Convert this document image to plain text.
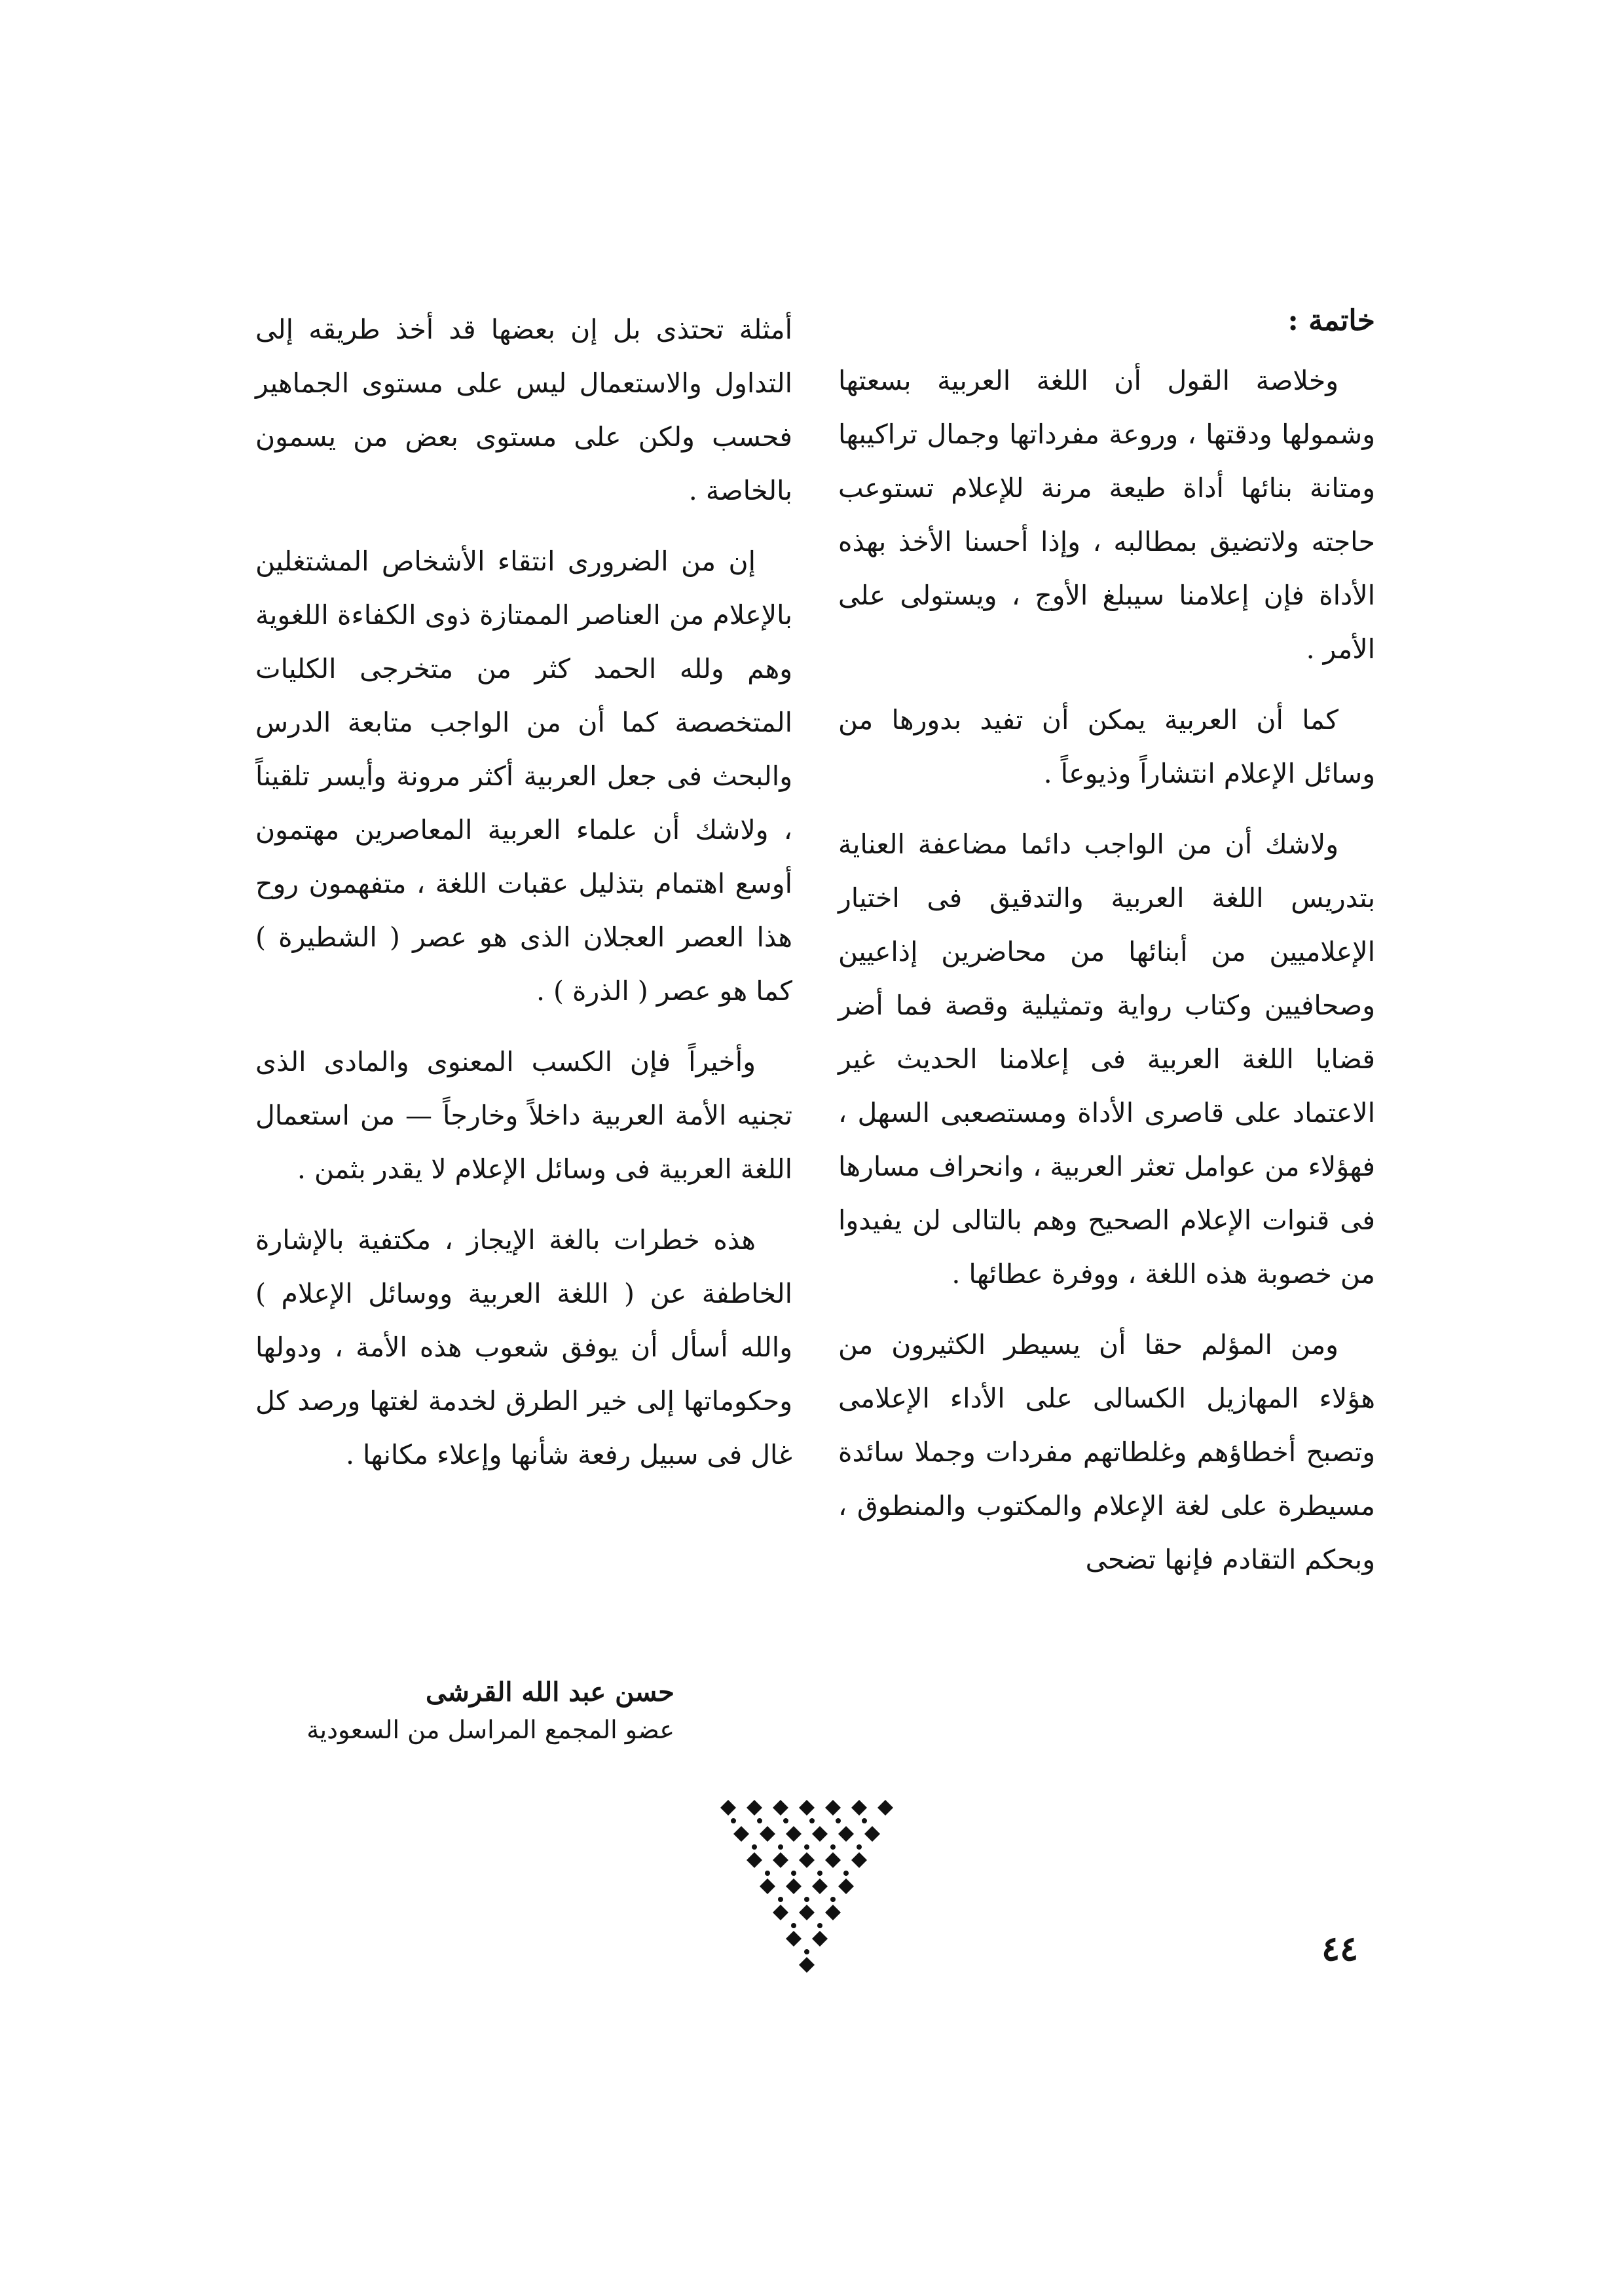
خاتمة :

وخلاصة القول أن اللغة العربية بسعتها وشمولها ودقتها ، وروعة مفرداتها وجمال تراكيبها ومتانة بنائها أداة طيعة مرنة للإعلام تستوعب حاجته ولاتضيق بمطالبه ، وإذا أحسنا الأخذ بهذه الأداة فإن إعلامنا سيبلغ الأوج ، ويستولى على الأمر .

كما أن العربية يمكن أن تفيد بدورها من وسائل الإعلام انتشاراً وذيوعاً .

ولاشك أن من الواجب دائما مضاعفة العناية بتدريس اللغة العربية والتدقيق فى اختيار الإعلاميين من أبنائها من محاضرين إذاعيين وصحافيين وكتاب رواية وتمثيلية وقصة فما أضر قضايا اللغة العربية فى إعلامنا الحديث غير الاعتماد على قاصرى الأداة ومستصعبى السهل ، فهؤلاء من عوامل تعثر العربية ، وانحراف مسارها فى قنوات الإعلام الصحيح وهم بالتالى لن يفيدوا من خصوبة هذه اللغة ، ووفرة عطائها .

ومن المؤلم حقا أن يسيطر الكثيرون من هؤلاء المهازيل الكسالى على الأداء الإعلامى وتصبح أخطاؤهم وغلطاتهم مفردات وجملا سائدة مسيطرة على لغة الإعلام والمكتوب والمنطوق ، وبحكم التقادم فإنها تضحى

أمثلة تحتذى بل إن بعضها قد أخذ طريقه إلى التداول والاستعمال ليس على مستوى الجماهير فحسب ولكن على مستوى بعض من يسمون بالخاصة .

إن من الضرورى انتقاء الأشخاص المشتغلين بالإعلام من العناصر الممتازة ذوى الكفاءة اللغوية وهم ولله الحمد كثر من متخرجى الكليات المتخصصة كما أن من الواجب متابعة الدرس والبحث فى جعل العربية أكثر مرونة وأيسر تلقيناً ، ولاشك أن علماء العربية المعاصرين مهتمون أوسع اهتمام بتذليل عقبات اللغة ، متفهمون روح هذا العصر العجلان الذى هو عصر ( الشطيرة ) كما هو عصر ( الذرة ) .

وأخيراً فإن الكسب المعنوى والمادى الذى تجنيه الأمة العربية داخلاً وخارجاً — من استعمال اللغة العربية فى وسائل الإعلام لا يقدر بثمن .

هذه خطرات بالغة الإيجاز ، مكتفية بالإشارة الخاطفة عن ( اللغة العربية ووسائل الإعلام ) والله أسأل أن يوفق شعوب هذه الأمة ، ودولها وحكوماتها إلى خير الطرق لخدمة لغتها ورصد كل غال فى سبيل رفعة شأنها وإعلاء مكانها .

حسن عبد الله القرشى
عضو المجمع المراسل من السعودية
٤٤
